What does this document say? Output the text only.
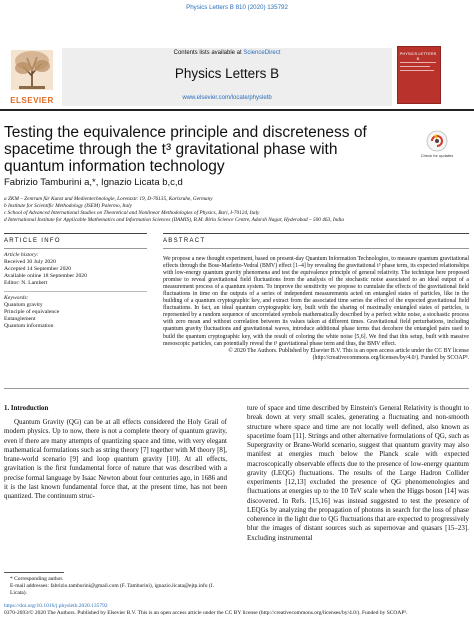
Physics Letters B 810 (2020) 135792
ELSEVIER
Contents lists available at ScienceDirect
Physics Letters B
www.elsevier.com/locate/physletb
PHYSICS LETTERS B
Testing the equivalence principle and discreteness of spacetime through the t³ gravitational phase with quantum information technology
Check for updates
Fabrizio Tamburini a,*, Ignazio Licata b,c,d
a ZKM – Zentrum für Kunst und Medientechnologie, Lorenzstr. 19, D-76135, Karlsruhe, Germany
b Institute for Scientific Methodology (ISEM) Palermo, Italy
c School of Advanced International Studies on Theoretical and Nonlinear Methodologies of Physics, Bari, I-70124, Italy
d International Institute for Applicable Mathematics and Information Sciences (IIAMIS), B.M. Birla Science Centre, Adarsh Nagar, Hyderabad – 500 463, India
ARTICLE INFO
Article history:
Received 30 July 2020
Accepted 14 September 2020
Available online 18 September 2020
Editor: N. Lambert
Keywords:
Quantum gravity
Principle of equivalence
Entanglement
Quantum information
ABSTRACT
We propose a new thought experiment, based on present-day Quantum Information Technologies, to measure quantum gravitational effects through the Bose-Marletto-Vedral (BMV) effect [1–4] by revealing the gravitational t³ phase term, its expected relationships with low-energy quantum gravity phenomena and test the equivalence principle of general relativity. The technique here proposed promise to reveal gravitational field fluctuations from the analysis of the stochastic noise associated to an ideal output of a measurement process of a quantum system. To improve the sensitivity we propose to cumulate the effects of the gravitational field fluctuations in time on the outputs of a series of independent measurements acted on entangled states of particles, like in the building of a quantum cryptographic key, and extract from the associated time series the effect of the expected gravitational field fluctuations. In fact, an ideal quantum cryptographic key, built with the sharing of maximally entangled states of particles, is represented by a random sequence of uncorrelated symbols mathematically described by a perfect white noise, a stochastic process with zero mean and without correlation between its values taken at different times. Gravitational field perturbations, including quantum gravity fluctuations and gravitational waves, introduce additional phase terms that decohere the entangled pairs used to build the quantum cryptographic key, with the result of coloring the white noise [5,6]. We find that this setup, built with massive mesoscopic particles, can potentially reveal the t³ gravitational phase term and thus, the BMV effect.
© 2020 The Authors. Published by Elsevier B.V. This is an open access article under the CC BY license (http://creativecommons.org/licenses/by/4.0/). Funded by SCOAP³.
1. Introduction
Quantum Gravity (QG) can be at all effects considered the Holy Grail of modern physics. Up to now, there is not a complete theory of quantum gravity, even if there are many attempts of quantizing space and time, with very elegant mathematical formulations such as string theory [7] together with M theory [8], brane-world scenario [9] and loop quantum gravity [10]. At all effects, gravitation is the first fundamental force of nature that was described with a precise formal language by Isaac Newton about four centuries ago, in 1686 and it is the last known fundamental force that, at the present time, has not been quantized. The continuum struc-
ture of space and time described by Einstein's General Relativity is thought to break down at very small scales, generating a fluctuating and non-smooth structure where space and time are not locally well defined, also known as spacetime foam [11]. Strings and other alternative formulations of QG, such as Supergravity or Brane-World scenario, suggest that quantum gravity may also manifest at energies much below the Planck scale with expected macroscopically observable effects due to the presence of low-energy quantum gravity (LEQG) fluctuations. The results of the Large Hadron Collider experiments [12,13] excluded the presence of QG phenomenologies and fluctuations at energies up to the 10 TeV scale when the Higgs boson [14] was discovered. In Refs. [15,16] was instead suggested to test the presence of LEQGs by analyzing the propagation of photons in search for the loss of phase coherence in the light due to QG fluctuations that are expected to progressively blur the images of distant sources such as supernovae and quasars [15–23]. Excluding instrumental
* Corresponding author.
E-mail addresses: fabrizio.tamburini@gmail.com (F. Tamburini), ignazio.licata@ejtp.info (I. Licata).
https://doi.org/10.1016/j.physletb.2020.135792
0370-2693/© 2020 The Authors. Published by Elsevier B.V. This is an open access article under the CC BY license (http://creativecommons.org/licenses/by/4.0/). Funded by SCOAP³.
